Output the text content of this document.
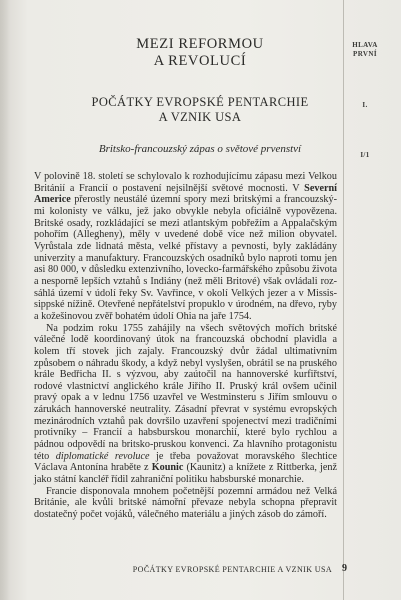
HLAVA
PRVNÍ
I.
I/1
MEZI REFORMOU
A REVOLUCÍ
POČÁTKY EVROPSKÉ PENTARCHIE
A VZNIK USA
Britsko-francouzský zápas o světové prvenství

V polovině 18. století se schylovalo k rozhodujícímu zápasu mezi Velkou Británií a Francií o postavení nejsilnější světové mocnosti. V Severní Americe přerostly neustálé územní spory mezi britskými a francouzskými kolonisty ve válku, jež jako obvykle nebyla oficiálně vypovězena. Britské osady, rozkládající se mezi atlantským pobřežím a Appalačským pohořím (Allegheny), měly v uvedené době více než milion obyvatel. Vyrůstala zde lidnatá města, velké přístavy a pevnosti, byly zakládány univerzity a manufaktury. Francouzských osadníků bylo naproti tomu jen asi 80 000, v důsledku extenzivního, lovecko-farmářského způsobu života a nesporně lepších vztahů s Indiány (než měli Britové) však ovládali rozsáhlá území v údolí řeky Sv. Vavřince, v okolí Velkých jezer a v Mississippské nížině. Otevřené nepřátelství propuklo v úrodném, na dřevo, ryby a kožešinovou zvěř bohatém údolí Ohia na jaře 1754.

Na podzim roku 1755 zahájily na všech světových mořích britské válečné lodě koordinovaný útok na francouzská obchodní plavidla a kolem tří stovek jich zajaly. Francouzský dvůr žádal ultimativním způsobem o náhradu škody, a když nebyl vyslyšen, obrátil se na pruského krále Bedřicha II. s výzvou, aby zaútočil na hannoverské kurfiřtství, rodové vlastnictví anglického krále Jiřího II. Pruský král ovšem učinil pravý opak a v lednu 1756 uzavřel ve Westminsteru s Jiřím smlouvu o zárukách hannoverské neutrality. Zásadní převrat v systému evropských mezinárodních vztahů pak dovršilo uzavření spojenectví mezi tradičními protivníky – Francií a habsburskou monarchií, které bylo rychlou a pádnou odpovědí na britsko-pruskou konvenci. Za hlavního protagonistu této diplomatické revoluce je třeba považovat moravského šlechtice Václava Antonína hraběte z Kounic (Kaunitz) a knížete z Rittberka, jenž jako státní kancléř řídil zahraniční politiku habsburské monarchie.

Francie disponovala mnohem početnější pozemní armádou než Velká Británie, ale kvůli britské námořní převaze nebyla schopna přepravit dostatečný počet vojáků, válečného materiálu a jiných zásob do zámoří.

POČÁTKY EVROPSKÉ PENTARCHIE A VZNIK USA 9
